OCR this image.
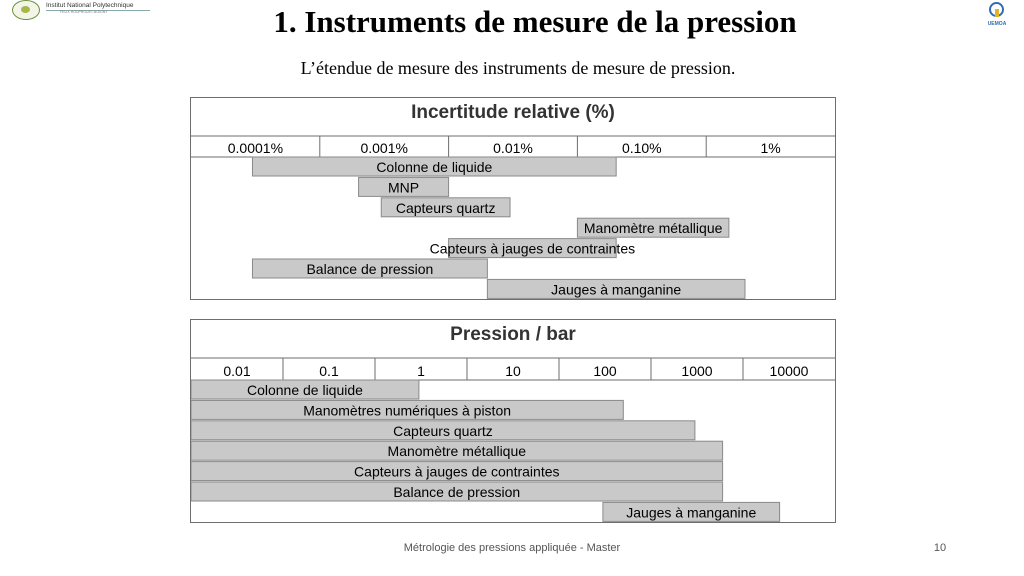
Institut National Polytechnique
FELIX HOUPHOUET-BOIGNY
UEMOA
1. Instruments de mesure de la pression
L’étendue de mesure des instruments de mesure de pression.
Incertitude relative (%)
0.0001%	0.001%	0.01%	0.10%	1%
Colonne de liquide
MNP
Capteurs quartz
Manomètre métallique
Capteurs à jauges de contraintes
Balance de pression
Jauges à manganine
Pression / bar
0.01	0.1	1	10	100	1000	10000
Colonne de liquide
Manomètres numériques à piston
Capteurs quartz
Manomètre métallique
Capteurs à jauges de contraintes
Balance de pression
Jauges à manganine
Métrologie des pressions appliquée - Master	10
